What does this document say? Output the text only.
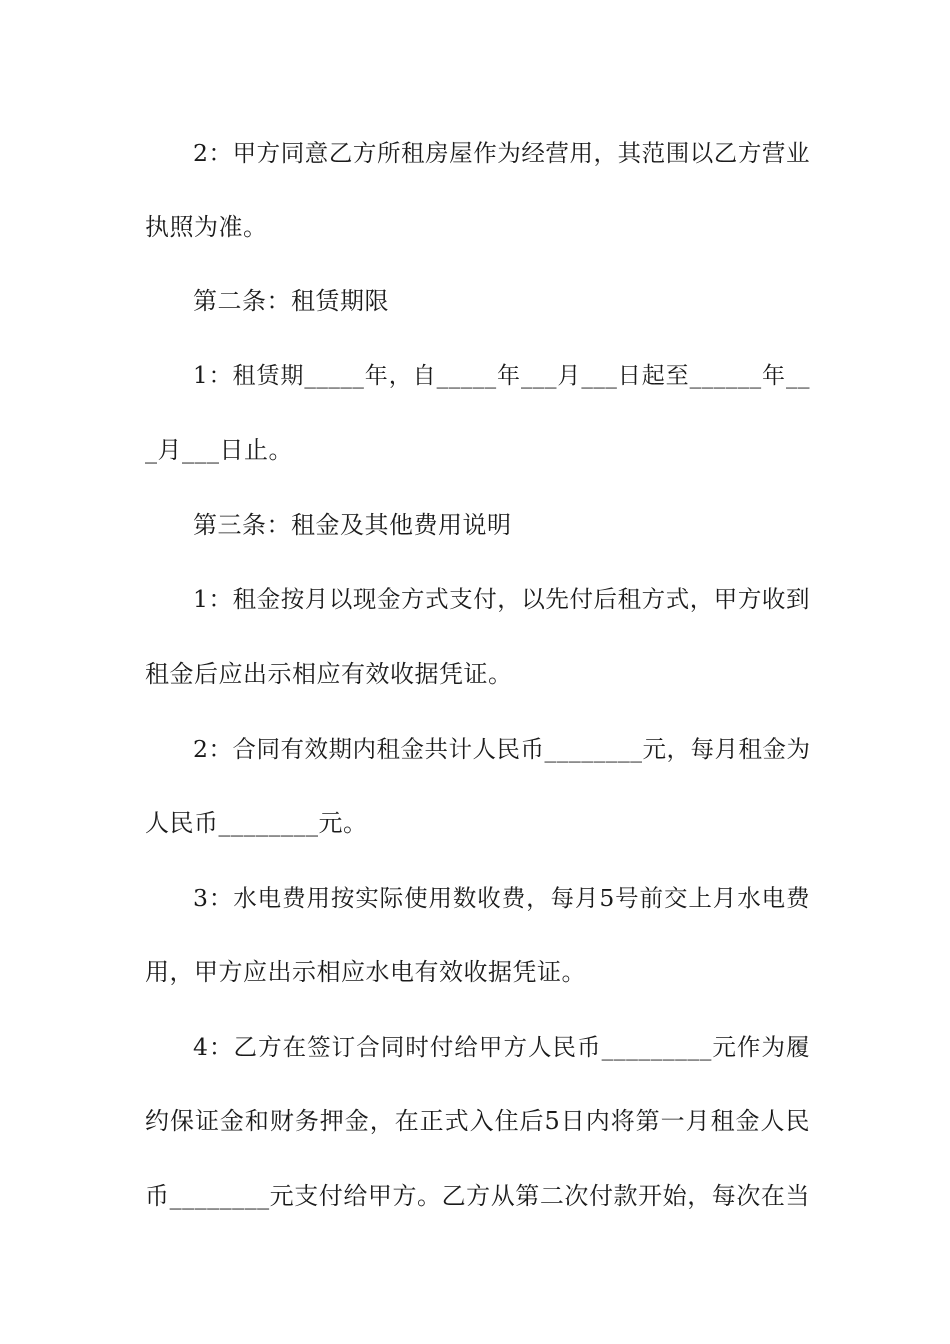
2：甲方同意乙方所租房屋作为经营用，其范围以乙方营业
执照为准。
第二条：租赁期限
1：租赁期_____年，自_____年___月___日起至______年__
_月___日止。
第三条：租金及其他费用说明
1：租金按月以现金方式支付，以先付后租方式，甲方收到
租金后应出示相应有效收据凭证。
2：合同有效期内租金共计人民币________元，每月租金为
人民币________元。
3：水电费用按实际使用数收费，每月5号前交上月水电费
用，甲方应出示相应水电有效收据凭证。
4：乙方在签订合同时付给甲方人民币_________元作为履
约保证金和财务押金，在正式入住后5日内将第一月租金人民
币________元支付给甲方。乙方从第二次付款开始，每次在当
